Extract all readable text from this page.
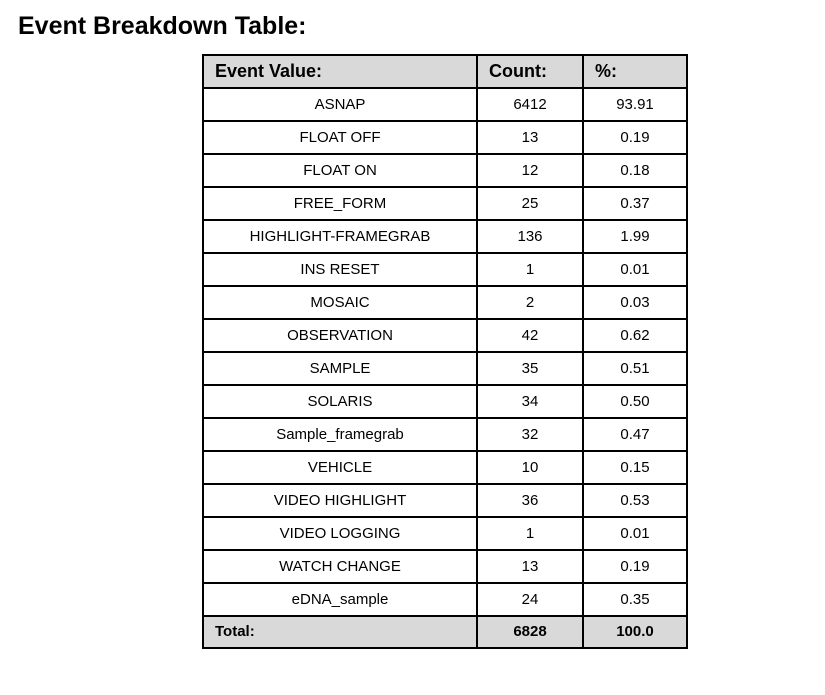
Event Breakdown Table:
Event Value:	Count:	%:
ASNAP	6412	93.91
FLOAT OFF	13	0.19
FLOAT ON	12	0.18
FREE_FORM	25	0.37
HIGHLIGHT-FRAMEGRAB	136	1.99
INS RESET	1	0.01
MOSAIC	2	0.03
OBSERVATION	42	0.62
SAMPLE	35	0.51
SOLARIS	34	0.50
Sample_framegrab	32	0.47
VEHICLE	10	0.15
VIDEO HIGHLIGHT	36	0.53
VIDEO LOGGING	1	0.01
WATCH CHANGE	13	0.19
eDNA_sample	24	0.35
Total:	6828	100.0
